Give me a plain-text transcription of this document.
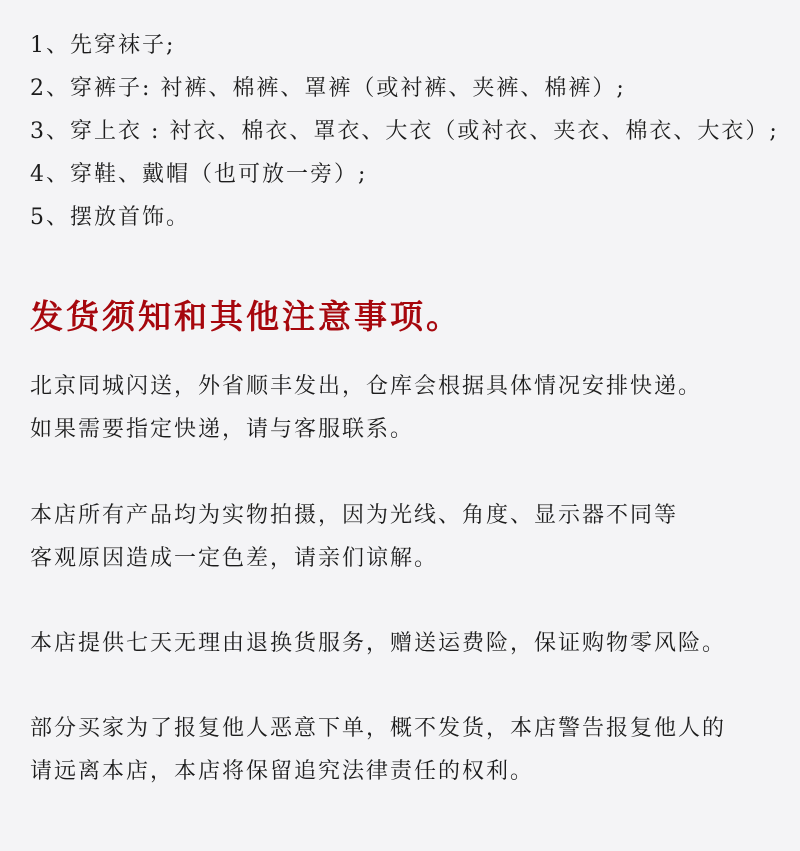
1、先穿袜子;
2、穿裤子: 衬裤、棉裤、罩裤（或衬裤、夹裤、棉裤）;
3、穿上衣 : 衬衣、棉衣、罩衣、大衣（或衬衣、夹衣、棉衣、大衣）;
4、穿鞋、戴帽（也可放一旁）;
5、摆放首饰。
发货须知和其他注意事项。

北京同城闪送，外省顺丰发出，仓库会根据具体情况安排快递。
如果需要指定快递，请与客服联系。

本店所有产品均为实物拍摄，因为光线、角度、显示器不同等
客观原因造成一定色差，请亲们谅解。

本店提供七天无理由退换货服务，赠送运费险，保证购物零风险。

部分买家为了报复他人恶意下单，概不发货，本店警告报复他人的
请远离本店，本店将保留追究法律责任的权利。
